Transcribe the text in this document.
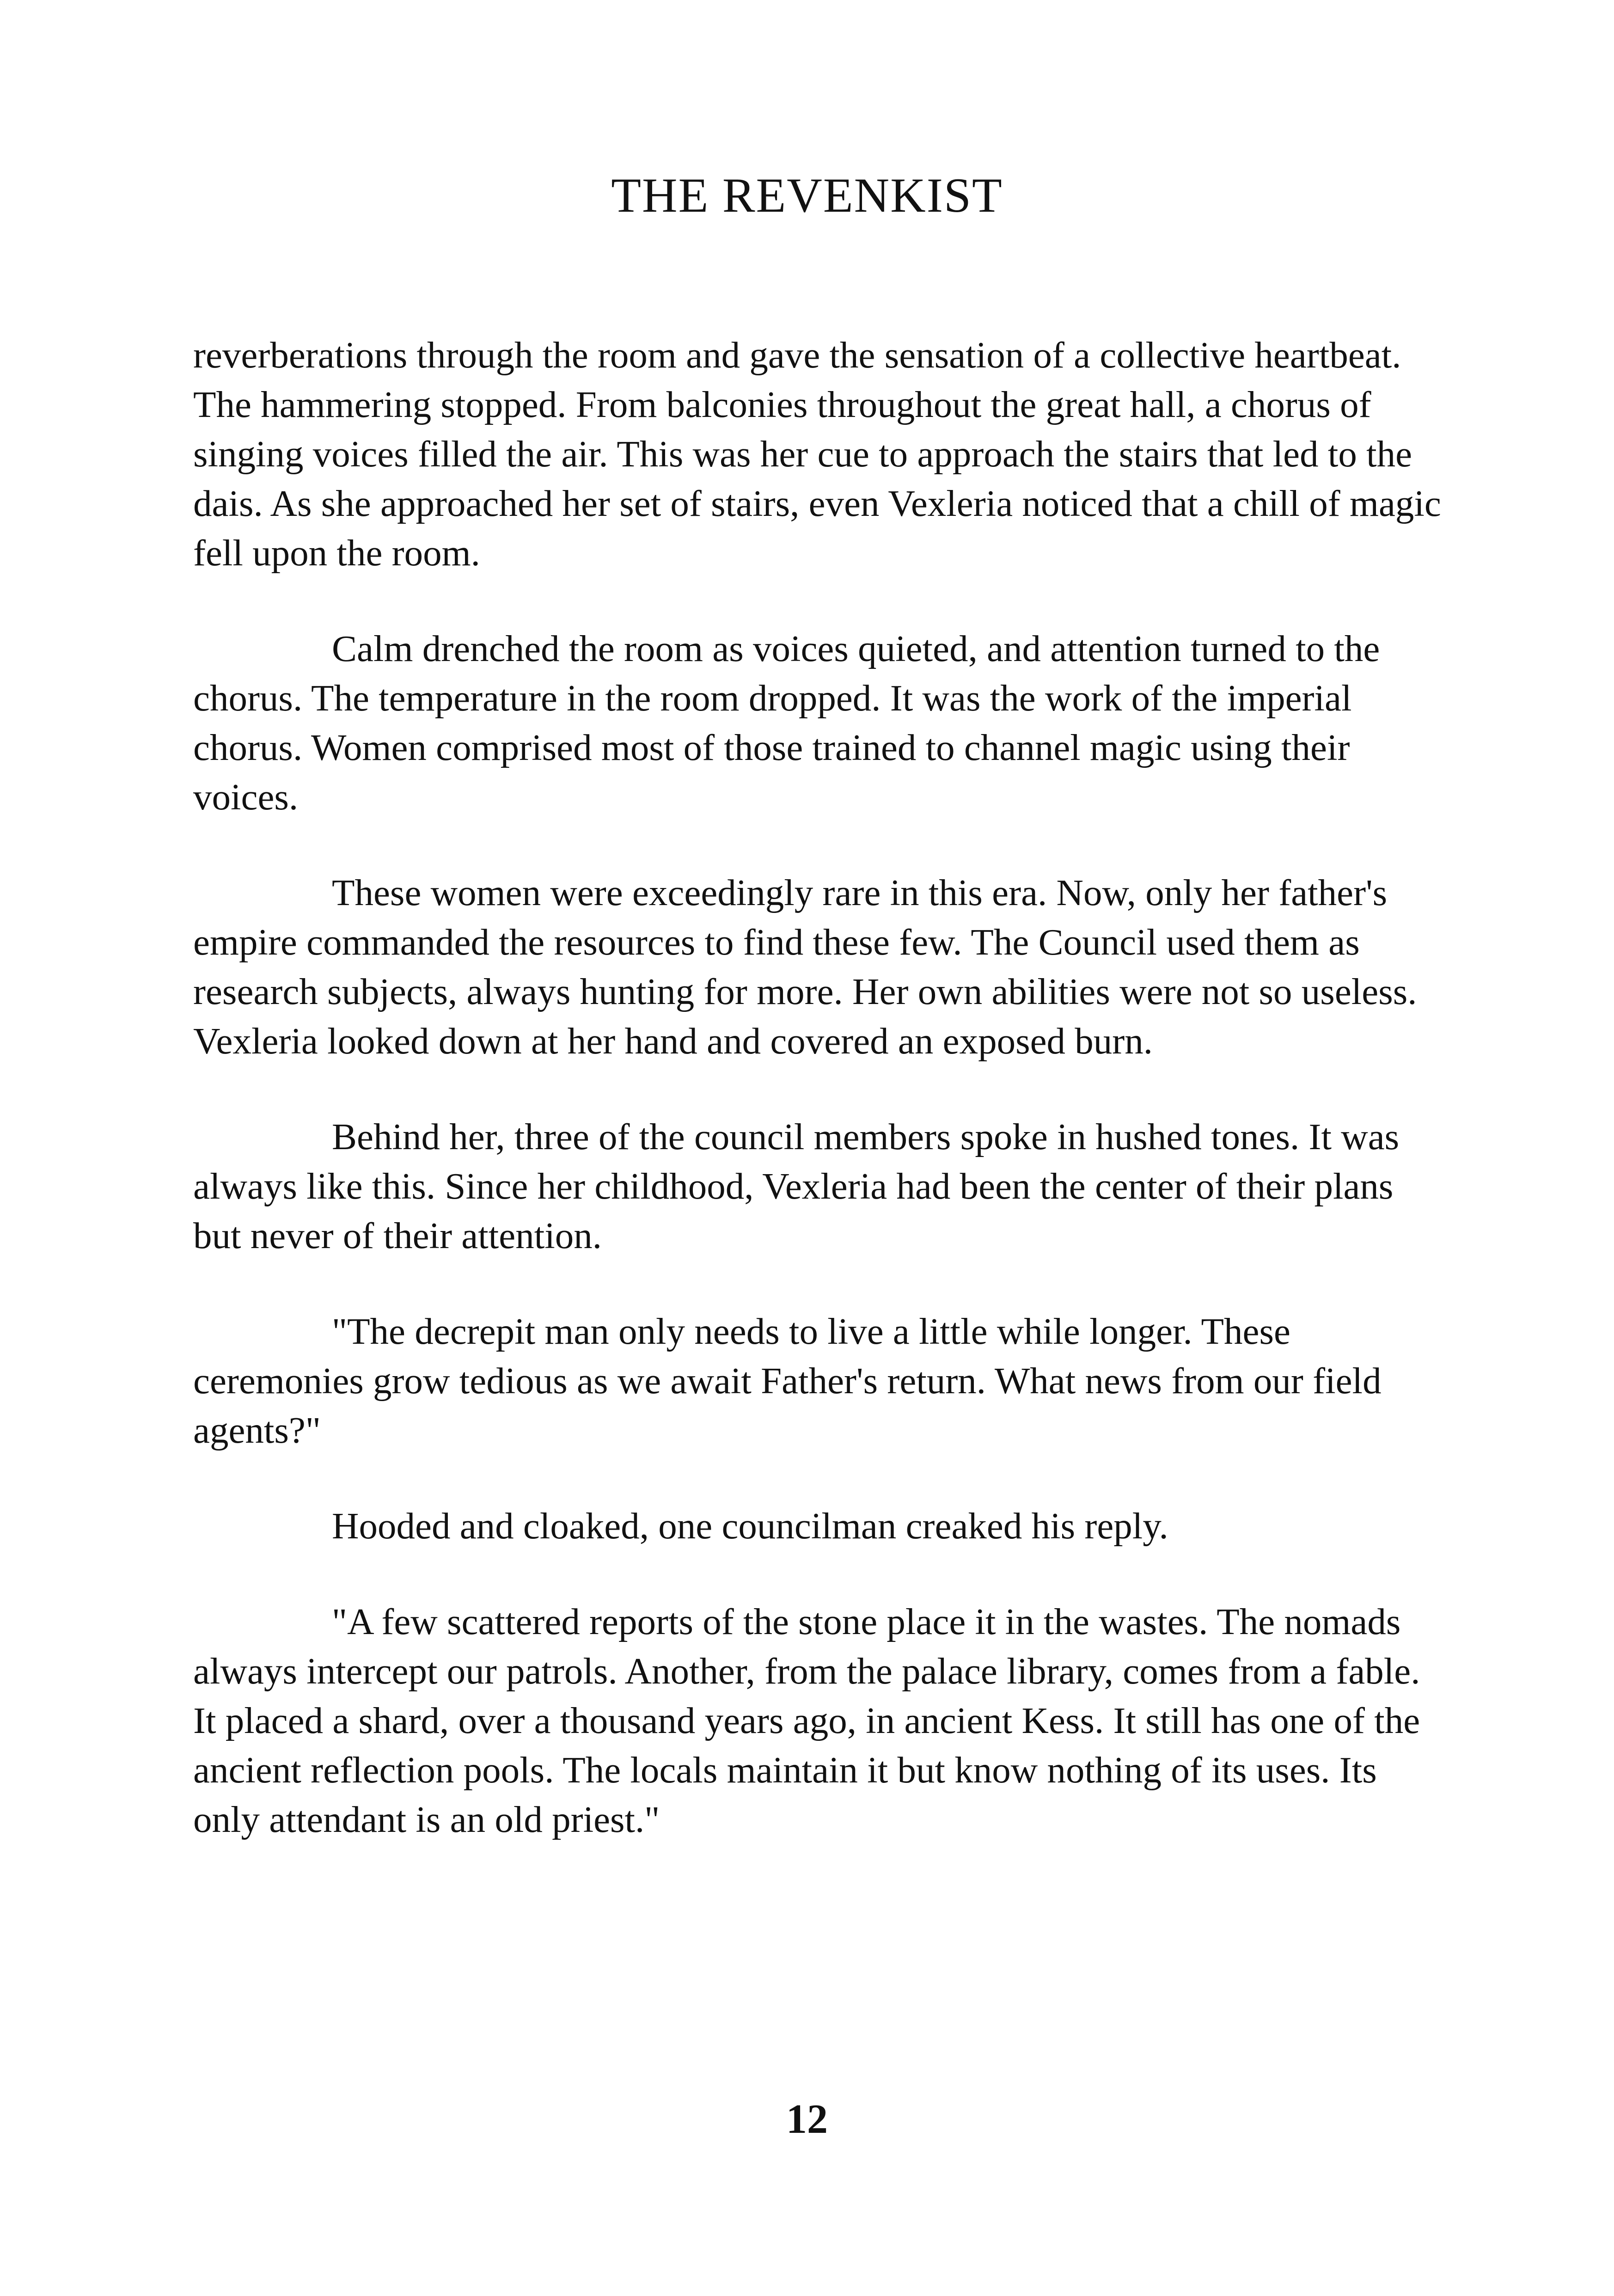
THE REVENKIST

reverberations through the room and gave the sensation of a collective heartbeat. The hammering stopped. From balconies throughout the great hall, a chorus of singing voices filled the air. This was her cue to approach the stairs that led to the dais. As she approached her set of stairs, even Vexleria noticed that a chill of magic fell upon the room.

Calm drenched the room as voices quieted, and attention turned to the chorus. The temperature in the room dropped. It was the work of the imperial chorus. Women comprised most of those trained to channel magic using their voices.

These women were exceedingly rare in this era. Now, only her father's empire commanded the resources to find these few. The Council used them as research subjects, always hunting for more. Her own abilities were not so useless. Vexleria looked down at her hand and covered an exposed burn.

Behind her, three of the council members spoke in hushed tones. It was always like this. Since her childhood, Vexleria had been the center of their plans but never of their attention.

"The decrepit man only needs to live a little while longer. These ceremonies grow tedious as we await Father's return. What news from our field agents?"

Hooded and cloaked, one councilman creaked his reply.

"A few scattered reports of the stone place it in the wastes. The nomads always intercept our patrols. Another, from the palace library, comes from a fable. It placed a shard, over a thousand years ago, in ancient Kess. It still has one of the ancient reflection pools. The locals maintain it but know nothing of its uses. Its only attendant is an old priest."

12
